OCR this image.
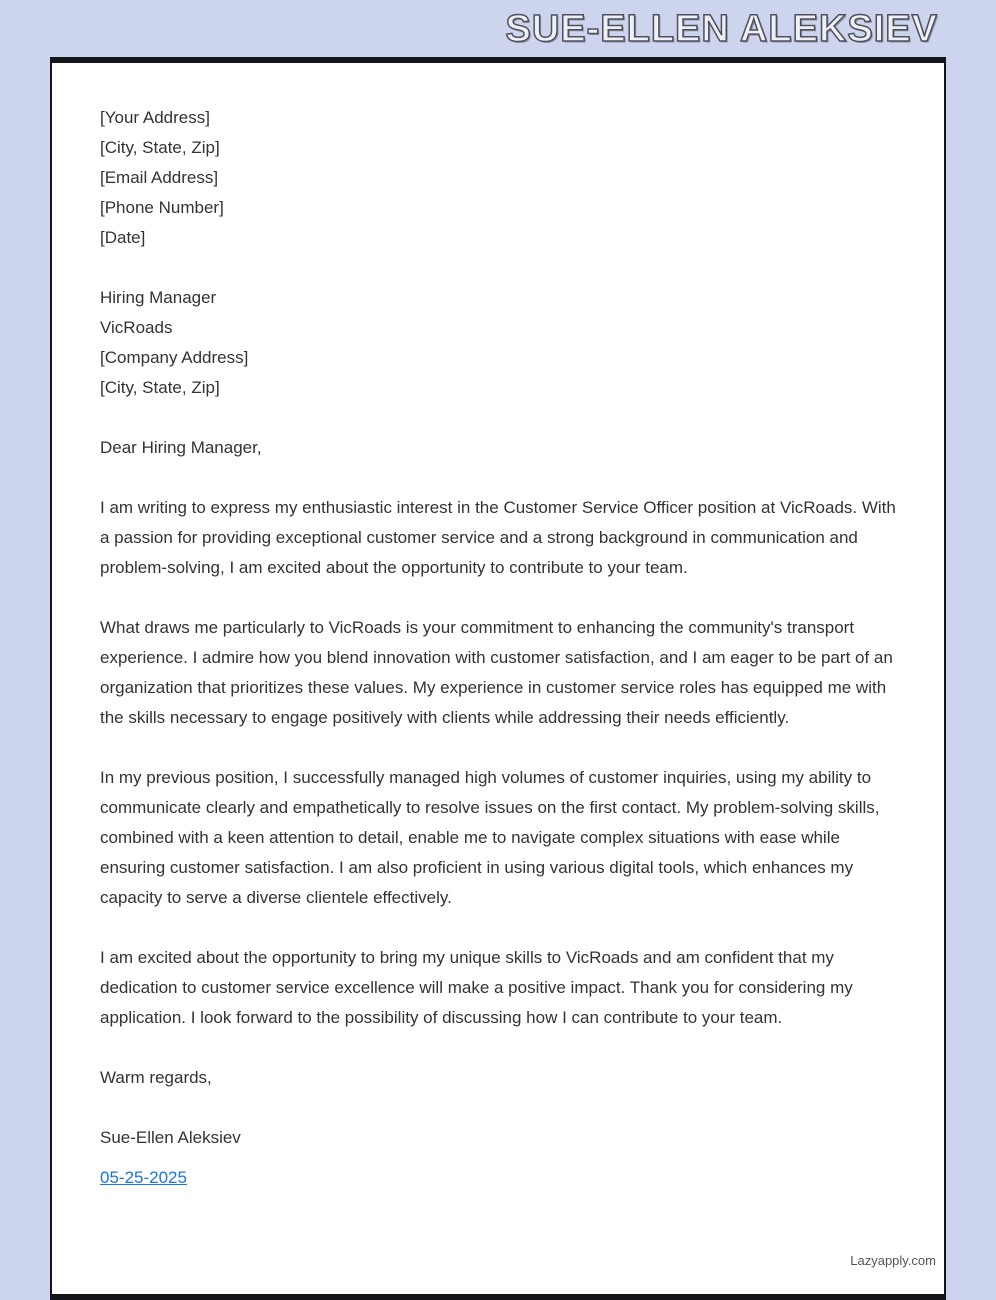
SUE-ELLEN ALEKSIEV
[Your Address]
[City, State, Zip]
[Email Address]
[Phone Number]
[Date]
Hiring Manager
VicRoads
[Company Address]
[City, State, Zip]
Dear Hiring Manager,

I am writing to express my enthusiastic interest in the Customer Service Officer position at VicRoads. With a passion for providing exceptional customer service and a strong background in communication and problem-solving, I am excited about the opportunity to contribute to your team.

What draws me particularly to VicRoads is your commitment to enhancing the community's transport experience. I admire how you blend innovation with customer satisfaction, and I am eager to be part of an organization that prioritizes these values. My experience in customer service roles has equipped me with the skills necessary to engage positively with clients while addressing their needs efficiently.

In my previous position, I successfully managed high volumes of customer inquiries, using my ability to communicate clearly and empathetically to resolve issues on the first contact. My problem-solving skills, combined with a keen attention to detail, enable me to navigate complex situations with ease while ensuring customer satisfaction. I am also proficient in using various digital tools, which enhances my capacity to serve a diverse clientele effectively.

I am excited about the opportunity to bring my unique skills to VicRoads and am confident that my dedication to customer service excellence will make a positive impact. Thank you for considering my application. I look forward to the possibility of discussing how I can contribute to your team.

Warm regards,
Sue-Ellen Aleksiev
05-25-2025
Lazyapply.com
